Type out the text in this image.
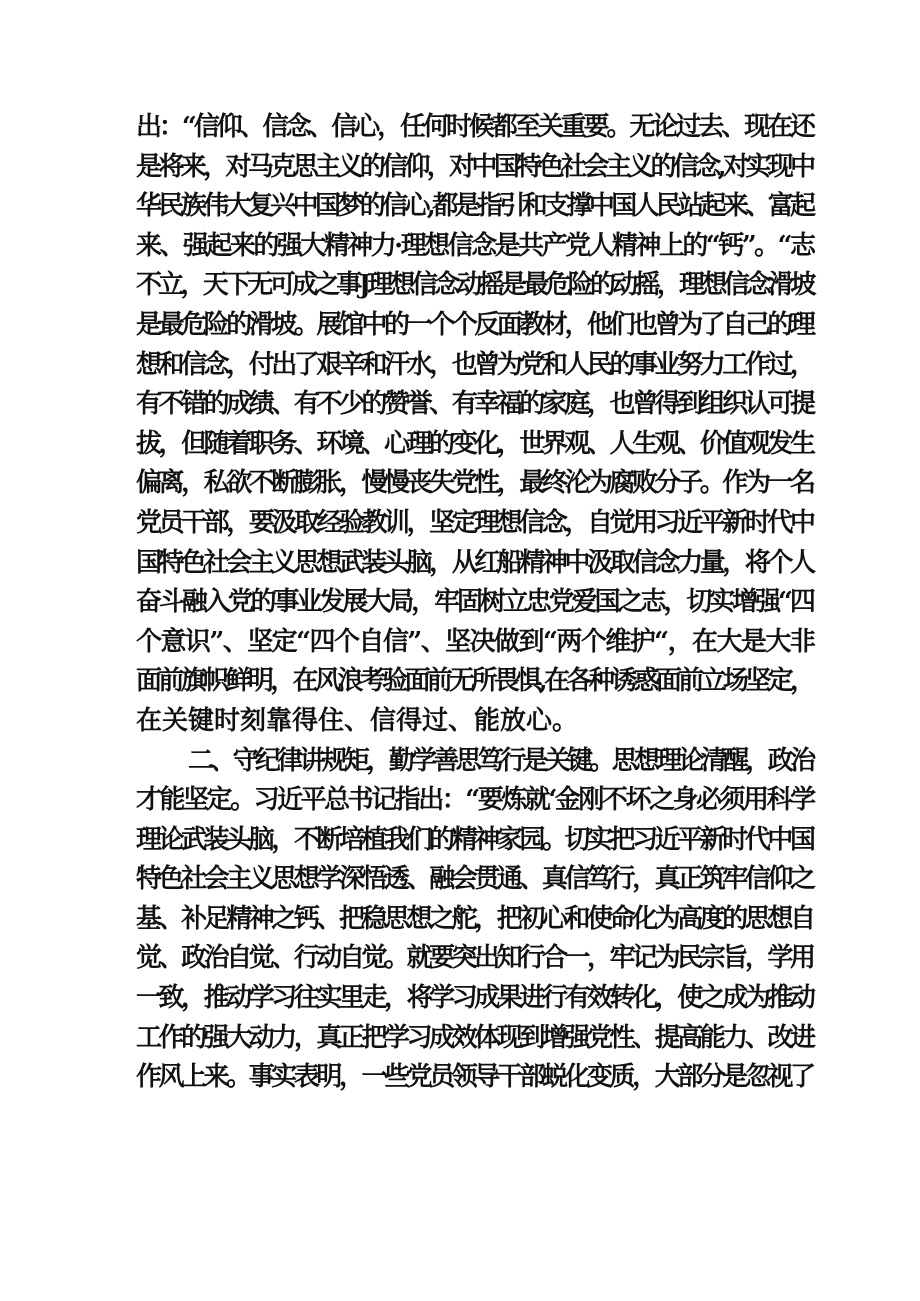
出：“信仰、信念、信心，任何时候都至关重要。无论过去、现在还
是将来，对马克思主义的信仰，对中国特色社会主义的信念,对实现中
华民族伟大复兴中国梦的信心,都是指引和支撑中国人民站起来、富起
来、强起来的强大精神力·理想信念是共产党人精神上的“钙”。“志
不立，天下无可成之事J理想信念动摇是最危险的动摇，理想信念滑坡
是最危险的滑坡。展馆中的一个个反面教材，他们也曾为了自己的理
想和信念，付出了艰辛和汗水，也曾为党和人民的事业努力工作过，
有不错的成绩、有不少的赞誉、有幸福的家庭，也曾得到组织认可提
拔，但随着职务、环境、心理的变化，世界观、人生观、价值观发生
偏离，私欲不断膨胀，慢慢丧失党性，最终沦为腐败分子。作为一名
党员干部，要汲取经验教训，坚定理想信念，自觉用习近平新时代中
国特色社会主义思想武装头脑，从红船精神中汲取信念力量，将个人
奋斗融入党的事业发展大局，牢固树立忠党爱国之志，切实增强“四
个意识”、坚定“四个自信”、坚决做到“两个维护“，在大是大非
面前旗帜鲜明，在风浪考验面前无所畏惧,在各种诱惑面前立场坚定，
在关键时刻靠得住、信得过、能放心。
二、守纪律讲规矩，勤学善思笃行是关键。思想理论清醒，政治
才能坚定。习近平总书记指出：“要炼就‘金刚不坏之身必须用科学
理论武装头脑，不断培植我们的精神家园。切实把习近平新时代中国
特色社会主义思想学深悟透、融会贯通、真信笃行，真正筑牢信仰之
基、补足精神之钙、把稳思想之舵，把初心和使命化为高度的思想自
觉、政治自觉、行动自觉。就要突出知行合一，牢记为民宗旨，学用
一致，推动学习往实里走，将学习成果进行有效转化，使之成为推动
工作的强大动力，真正把学习成效体现到增强党性、提高能力、改进
作风上来。事实表明，一些党员领导干部蜕化变质，大部分是忽视了
